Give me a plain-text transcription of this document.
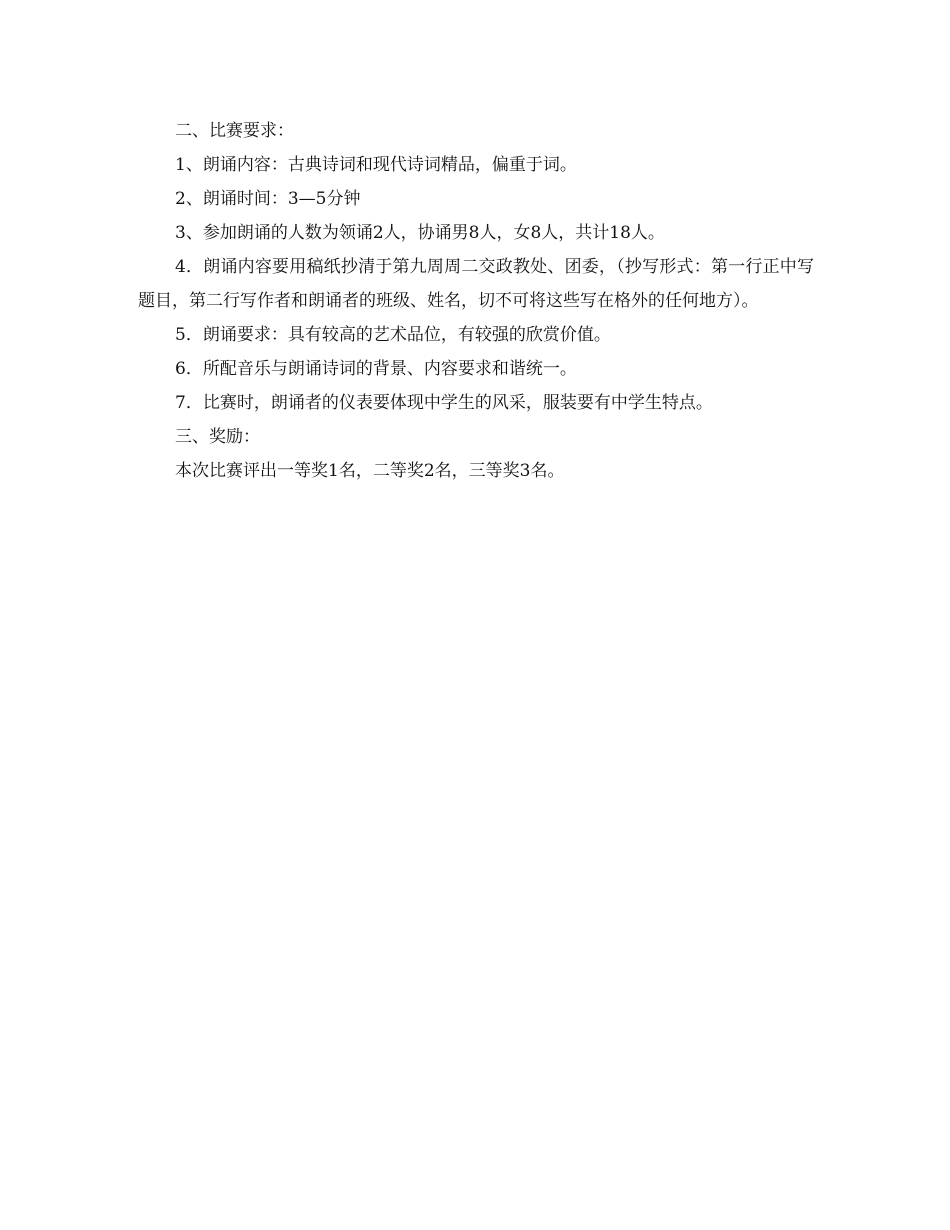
二、比赛要求：

1、朗诵内容：古典诗词和现代诗词精品，偏重于词。

2、朗诵时间：3—5分钟

3、参加朗诵的人数为领诵2人，协诵男8人，女8人，共计18人。

4．朗诵内容要用稿纸抄清于第九周周二交政教处、团委，（抄写形式：第一行正中写题目，第二行写作者和朗诵者的班级、姓名，切不可将这些写在格外的任何地方）。

5．朗诵要求：具有较高的艺术品位，有较强的欣赏价值。

6．所配音乐与朗诵诗词的背景、内容要求和谐统一。

7．比赛时，朗诵者的仪表要体现中学生的风采，服装要有中学生特点。

三、奖励：

本次比赛评出一等奖1名，二等奖2名，三等奖3名。
